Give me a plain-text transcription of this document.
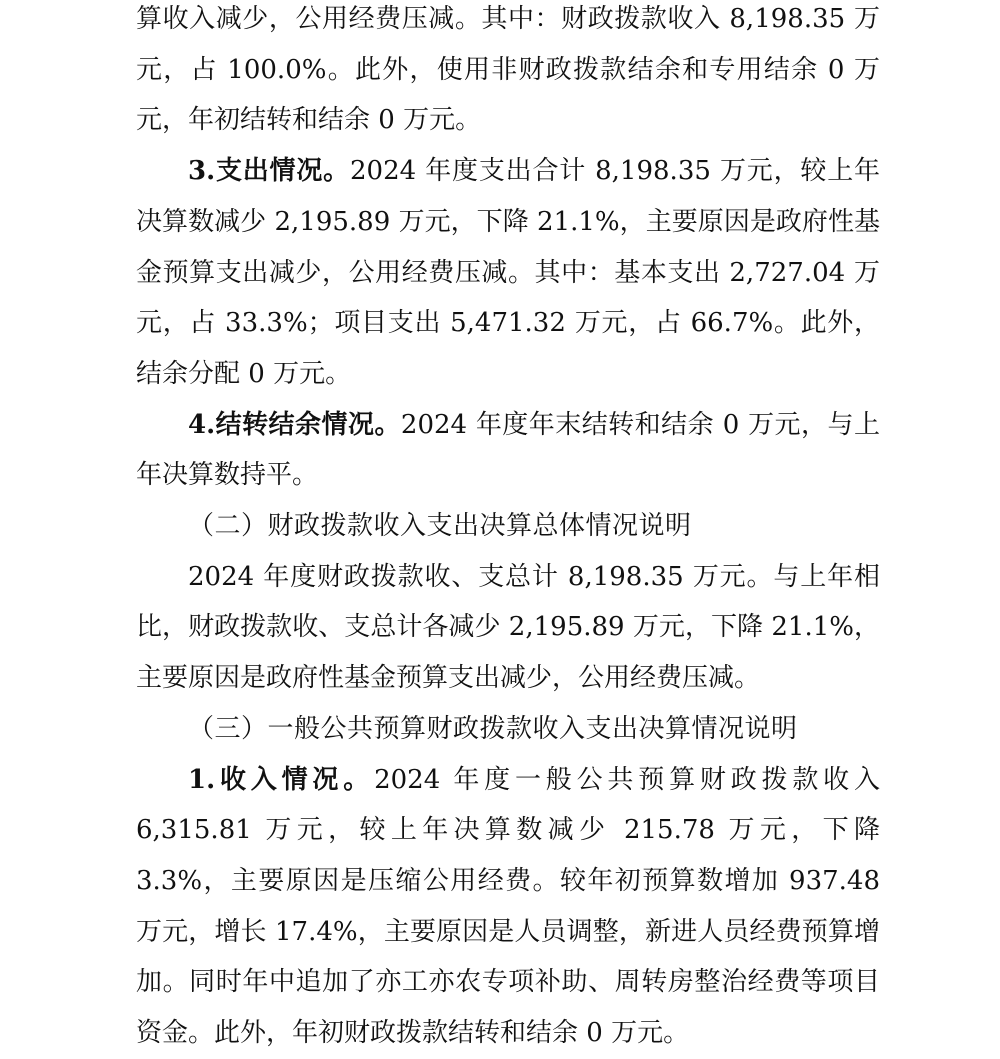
算收入减少，公用经费压减。其中：财政拨款收入 8,198.35 万元，占 100.0%。此外，使用非财政拨款结余和专用结余 0 万元，年初结转和结余 0 万元。

3.支出情况。2024 年度支出合计 8,198.35 万元，较上年决算数减少 2,195.89 万元，下降 21.1%，主要原因是政府性基金预算支出减少，公用经费压减。其中：基本支出 2,727.04 万元，占 33.3%；项目支出 5,471.32 万元，占 66.7%。此外，结余分配 0 万元。

4.结转结余情况。2024 年度年末结转和结余 0 万元，与上年决算数持平。

（二）财政拨款收入支出决算总体情况说明

2024 年度财政拨款收、支总计 8,198.35 万元。与上年相比，财政拨款收、支总计各减少 2,195.89 万元，下降 21.1%，主要原因是政府性基金预算支出减少，公用经费压减。

（三）一般公共预算财政拨款收入支出决算情况说明

1.收入情况。2024 年度一般公共预算财政拨款收入 6,315.81 万元，较上年决算数减少 215.78 万元，下降 3.3%，主要原因是压缩公用经费。较年初预算数增加 937.48 万元，增长 17.4%，主要原因是人员调整，新进人员经费预算增加。同时年中追加了亦工亦农专项补助、周转房整治经费等项目资金。此外，年初财政拨款结转和结余 0 万元。
